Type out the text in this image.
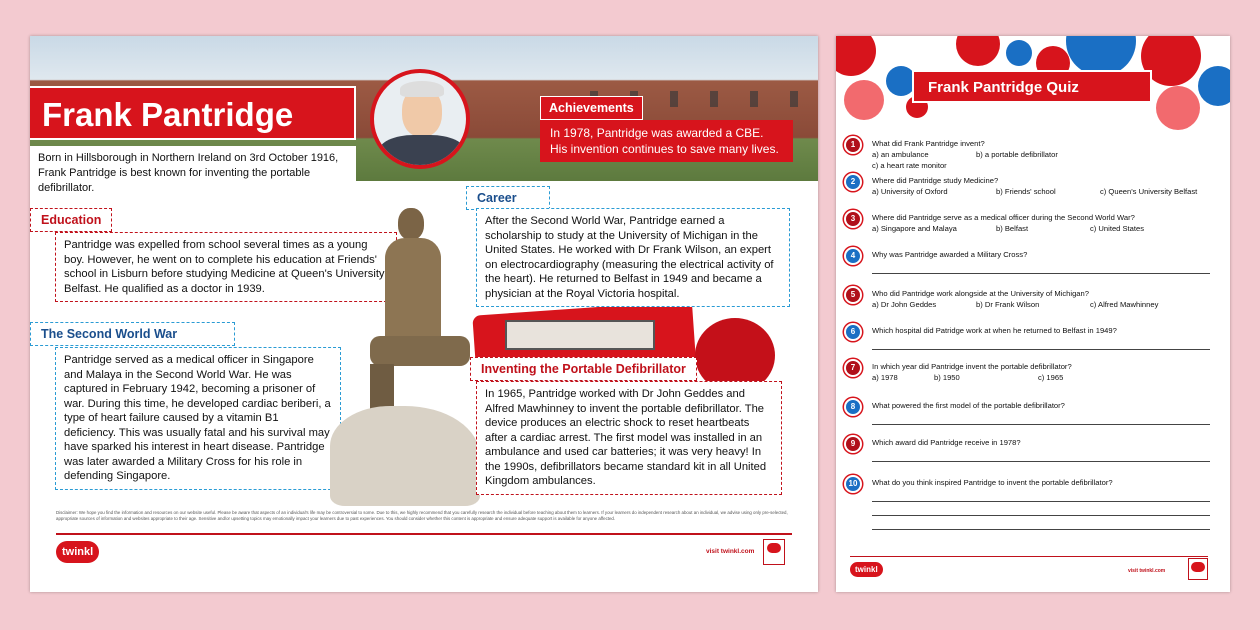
Frank Pantridge	Achievements
In 1978, Pantridge was awarded a CBE. His invention continues to save many lives.
Born in Hillsborough in Northern Ireland on 3rd October 1916, Frank Pantridge is best known for inventing the portable defibrillator.
Education
Pantridge was expelled from school several times as a young boy. However, he went on to complete his education at Friends' school in Lisburn before studying Medicine at Queen's University Belfast. He qualified as a doctor in 1939.
The Second World War
Pantridge served as a medical officer in Singapore and Malaya in the Second World War. He was captured in February 1942, becoming a prisoner of war. During this time, he developed cardiac beriberi, a type of heart failure caused by a vitamin B1 deficiency. This was usually fatal and his survival may have sparked his interest in heart disease. Pantridge was later awarded a Military Cross for his role in defending Singapore.
Career
After the Second World War, Pantridge earned a scholarship to study at the University of Michigan in the United States. He worked with Dr Frank Wilson, an expert on electrocardiography (measuring the electrical activity of the heart). He returned to Belfast in 1949 and became a physician at the Royal Victoria hospital.
Inventing the Portable Defibrillator
In 1965, Pantridge worked with Dr John Geddes and Alfred Mawhinney to invent the portable defibrillator. The device produces an electric shock to reset heartbeats after a cardiac arrest. The first model was installed in an ambulance and used car batteries; it was very heavy! In the 1990s, defibrillators became standard kit in all United Kingdom ambulances.
Disclaimer: We hope you find the information and resources on our website useful. Please be aware that aspects of an individual's life may be controversial to some. Due to this, we highly recommend that you carefully research the individual before teaching about them to learners. If your learners do independent research about an individual, we advise using only pre-selected, appropriate sources of information and websites appropriate to their age. Sensitive and/or upsetting topics may emotionally impact your learners due to past experiences. You should consider whether this content is appropriate and ensure adequate support is available for anyone affected.
twinkl	visit twinkl.com
Frank Pantridge Quiz
1	What did Frank Pantridge invent?
a) an ambulance	b) a portable defibrillator
c) a heart rate monitor
2	Where did Pantridge study Medicine?
a) University of Oxford	b) Friends' school	c) Queen's University Belfast
3	Where did Pantridge serve as a medical officer during the Second World War?
a) Singapore and Malaya	b) Belfast	c) United States
4	Why was Pantridge awarded a Military Cross?
5	Who did Pantridge work alongside at the University of Michigan?
a) Dr John Geddes	b) Dr Frank Wilson	c) Alfred Mawhinney
6	Which hospital did Patridge work at when he returned to Belfast in 1949?
7	In which year did Pantridge invent the portable defibrillator?
a) 1978	b) 1950	c) 1965
8	What powered the first model of the portable defibrillator?
9	Which award did Pantridge receive in 1978?
10	What do you think inspired Pantridge to invent the portable defibrillator?
twinkl	visit twinkl.com
